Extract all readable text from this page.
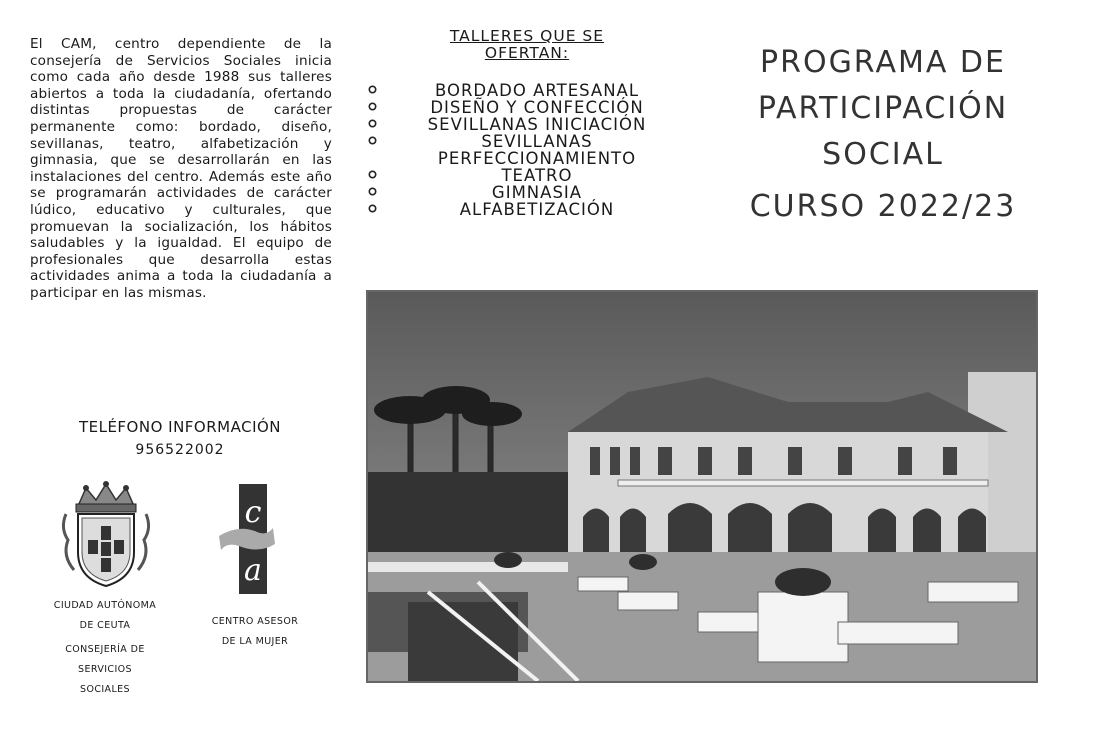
El CAM, centro dependiente de la consejería de Servicios Sociales inicia como cada año desde 1988 sus talleres abiertos a toda la ciudadanía, ofertando distintas propuestas de carácter permanente como: bordado, diseño, sevillanas, teatro, alfabetización y gimnasia, que se desarrollarán en las instalaciones del centro. Además este año se programarán actividades de carácter lúdico, educativo y culturales, que promuevan la socialización, los hábitos saludables y la igualdad. El equipo de profesionales que desarrolla estas actividades anima a toda la ciudadanía a participar en las mismas.

TELÉFONO INFORMACIÓN
956522002
CIUDAD AUTÓNOMA
DE CEUTA
CONSEJERÍA DE
SERVICIOS
SOCIALES
c
a
CENTRO ASESOR
DE LA MUJER
TALLERES QUE SE
OFERTAN:
BORDADO ARTESANAL
DISEÑO Y CONFECCIÓN
SEVILLANAS INICIACIÓN
SEVILLANAS
PERFECCIONAMIENTO
TEATRO
GIMNASIA
ALFABETIZACIÓN
PROGRAMA DE
PARTICIPACIÓN
SOCIAL
CURSO 2022/23
